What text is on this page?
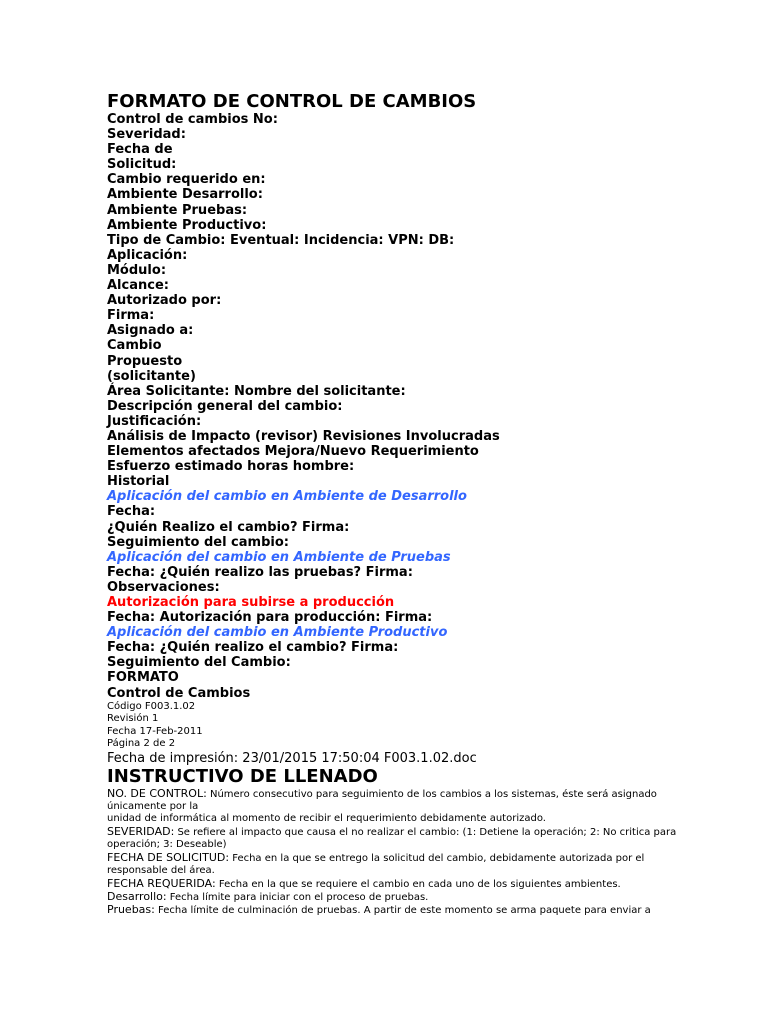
FORMATO DE CONTROL DE CAMBIOS
Control de cambios No:
Severidad:
Fecha de
Solicitud:
Cambio requerido en:
Ambiente Desarrollo:
Ambiente Pruebas:
Ambiente Productivo:
Tipo de Cambio: Eventual: Incidencia: VPN: DB:
Aplicación:
Módulo:
Alcance:
Autorizado por:
Firma:
Asignado a:
Cambio
Propuesto
(solicitante)
Área Solicitante: Nombre del solicitante:
Descripción general del cambio:
Justificación:
Análisis de Impacto (revisor) Revisiones Involucradas
Elementos afectados Mejora/Nuevo Requerimiento
Esfuerzo estimado horas hombre:
Historial
Aplicación del cambio en Ambiente de Desarrollo
Fecha:
¿Quién Realizo el cambio? Firma:
Seguimiento del cambio:
Aplicación del cambio en Ambiente de Pruebas
Fecha: ¿Quién realizo las pruebas? Firma:
Observaciones:
Autorización para subirse a producción
Fecha: Autorización para producción: Firma:
Aplicación del cambio en Ambiente Productivo
Fecha: ¿Quién realizo el cambio? Firma:
Seguimiento del Cambio:
FORMATO
Control de Cambios
Código F003.1.02
Revisión 1
Fecha 17-Feb-2011
Página 2 de 2
Fecha de impresión: 23/01/2015 17:50:04 F003.1.02.doc
INSTRUCTIVO DE LLENADO
NO. DE CONTROL: Número consecutivo para seguimiento de los cambios a los sistemas, éste será asignado únicamente por la
unidad de informática al momento de recibir el requerimiento debidamente autorizado.
SEVERIDAD: Se refiere al impacto que causa el no realizar el cambio: (1: Detiene la operación; 2: No critica para
operación; 3: Deseable)
FECHA DE SOLICITUD: Fecha en la que se entrego la solicitud del cambio, debidamente autorizada por el responsable del área.
FECHA REQUERIDA: Fecha en la que se requiere el cambio en cada uno de los siguientes ambientes.
Desarrollo: Fecha límite para iniciar con el proceso de pruebas.
Pruebas: Fecha límite de culminación de pruebas. A partir de este momento se arma paquete para enviar a
